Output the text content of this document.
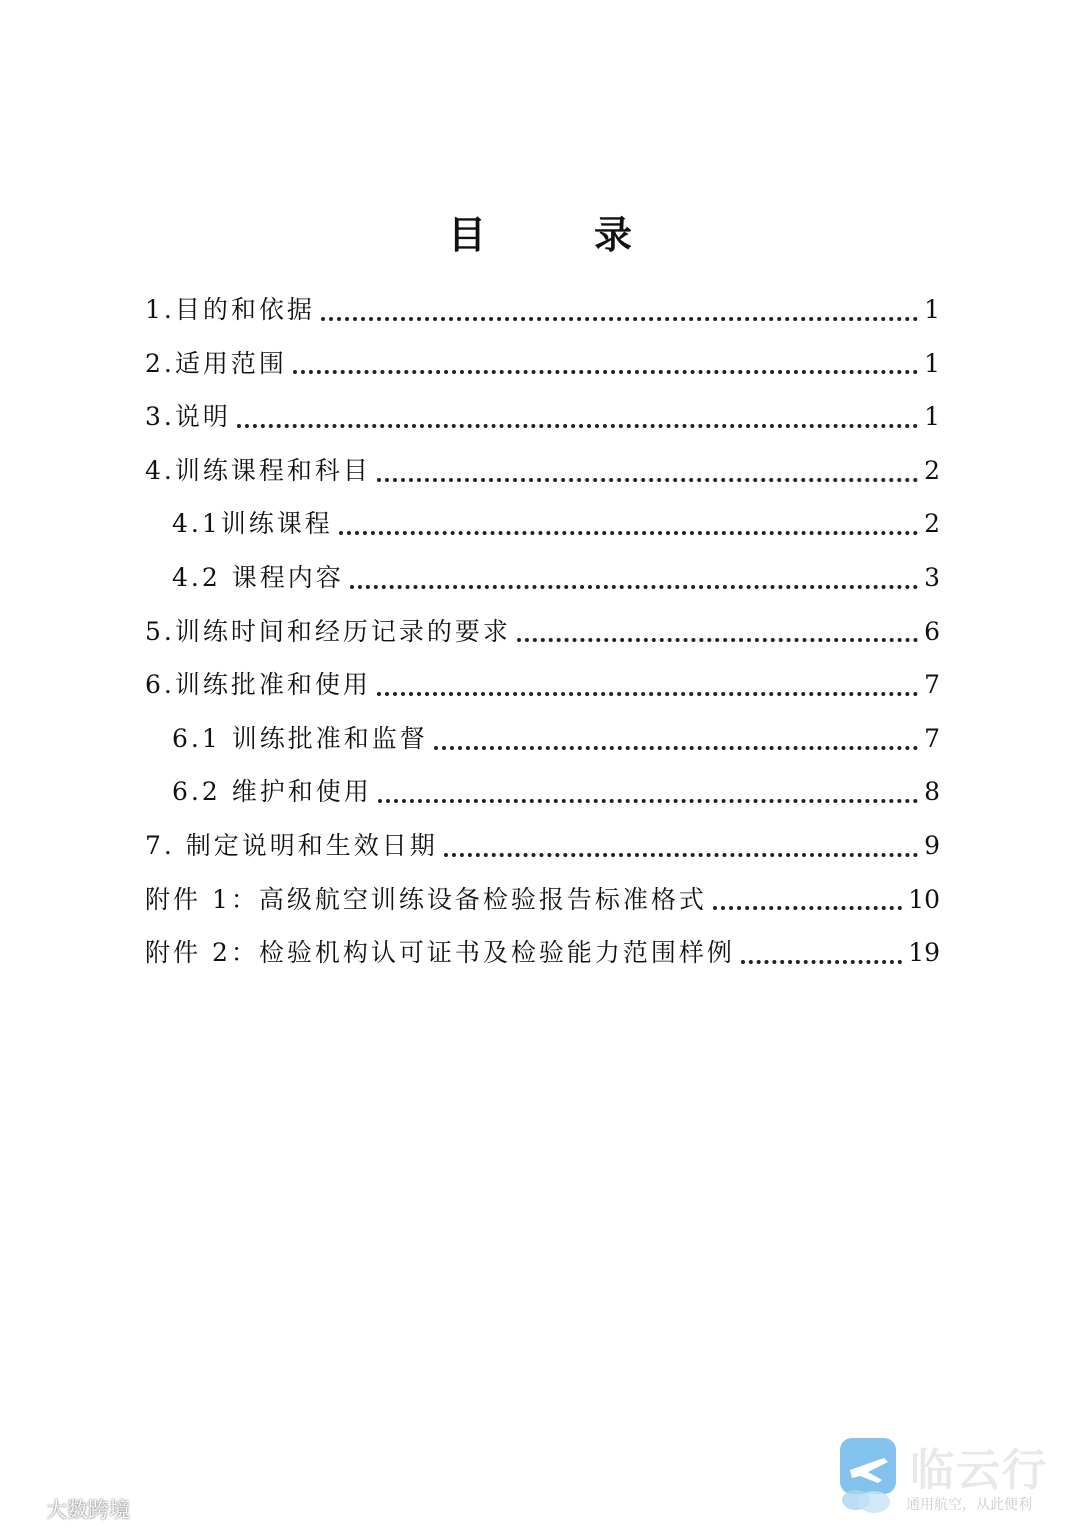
目	录
1.目的和依据	1
2.适用范围	1
3.说明	1
4.训练课程和科目	2
4.1训练课程	2
4.2 课程内容	3
5.训练时间和经历记录的要求	6
6.训练批准和使用	7
6.1 训练批准和监督	7
6.2 维护和使用	8
7. 制定说明和生效日期	9
附件 1：高级航空训练设备检验报告标准格式	10
附件 2：检验机构认可证书及检验能力范围样例	19
大数跨境
临云行
通用航空，从此便利
